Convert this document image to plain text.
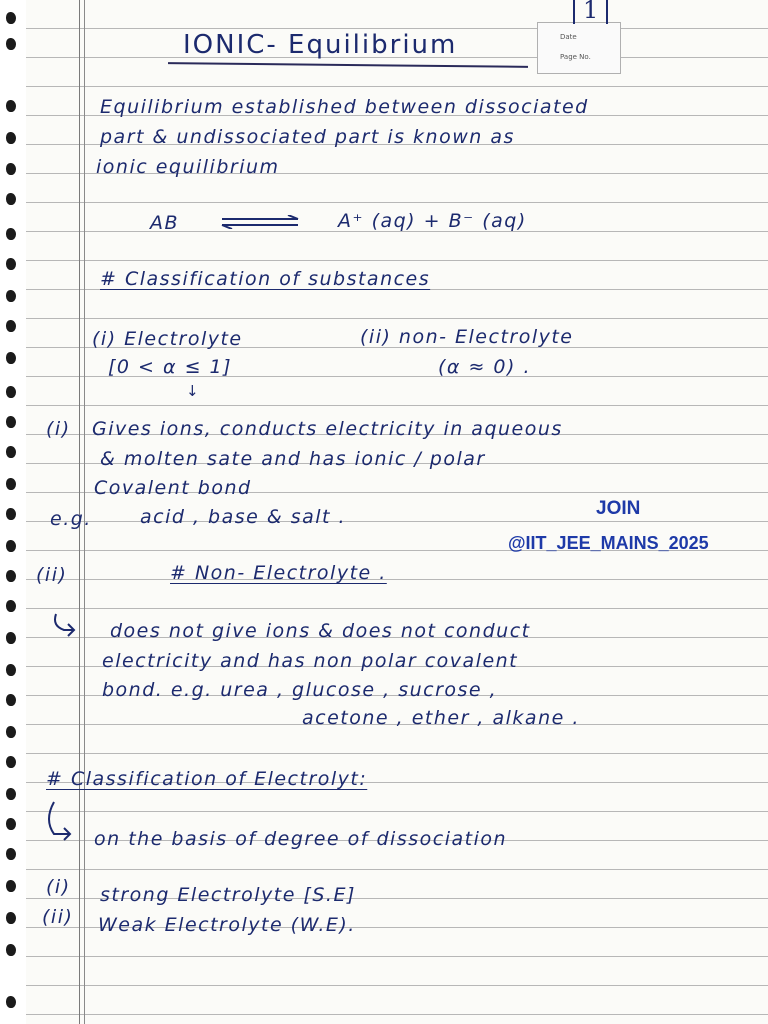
IONIC- Equilibrium	Date
Page No.
1
Equilibrium established between dissociated
part & undissociated part is known as
ionic equilibrium
AB	A⁺ (aq) + B⁻ (aq)
# Classification of substances
(i) Electrolyte
[0 < α ≤ 1]
↓
(ii) non- Electrolyte
(α ≈ 0) .
(i) Gives ions, conducts electricity in aqueous
& molten sate and has ionic / polar
Covalent bond
e.g.	acid , base & salt .	JOIN
@IIT_JEE_MAINS_2025
(ii)	# Non- Electrolyte .
does not give ions & does not conduct
electricity and has non polar covalent
bond. e.g. urea , glucose , sucrose ,
acetone , ether , alkane .
# Classification of Electrolyt:
on the basis of degree of dissociation
(i) strong Electrolyte [S.E]
(ii) Weak Electrolyte (W.E).
